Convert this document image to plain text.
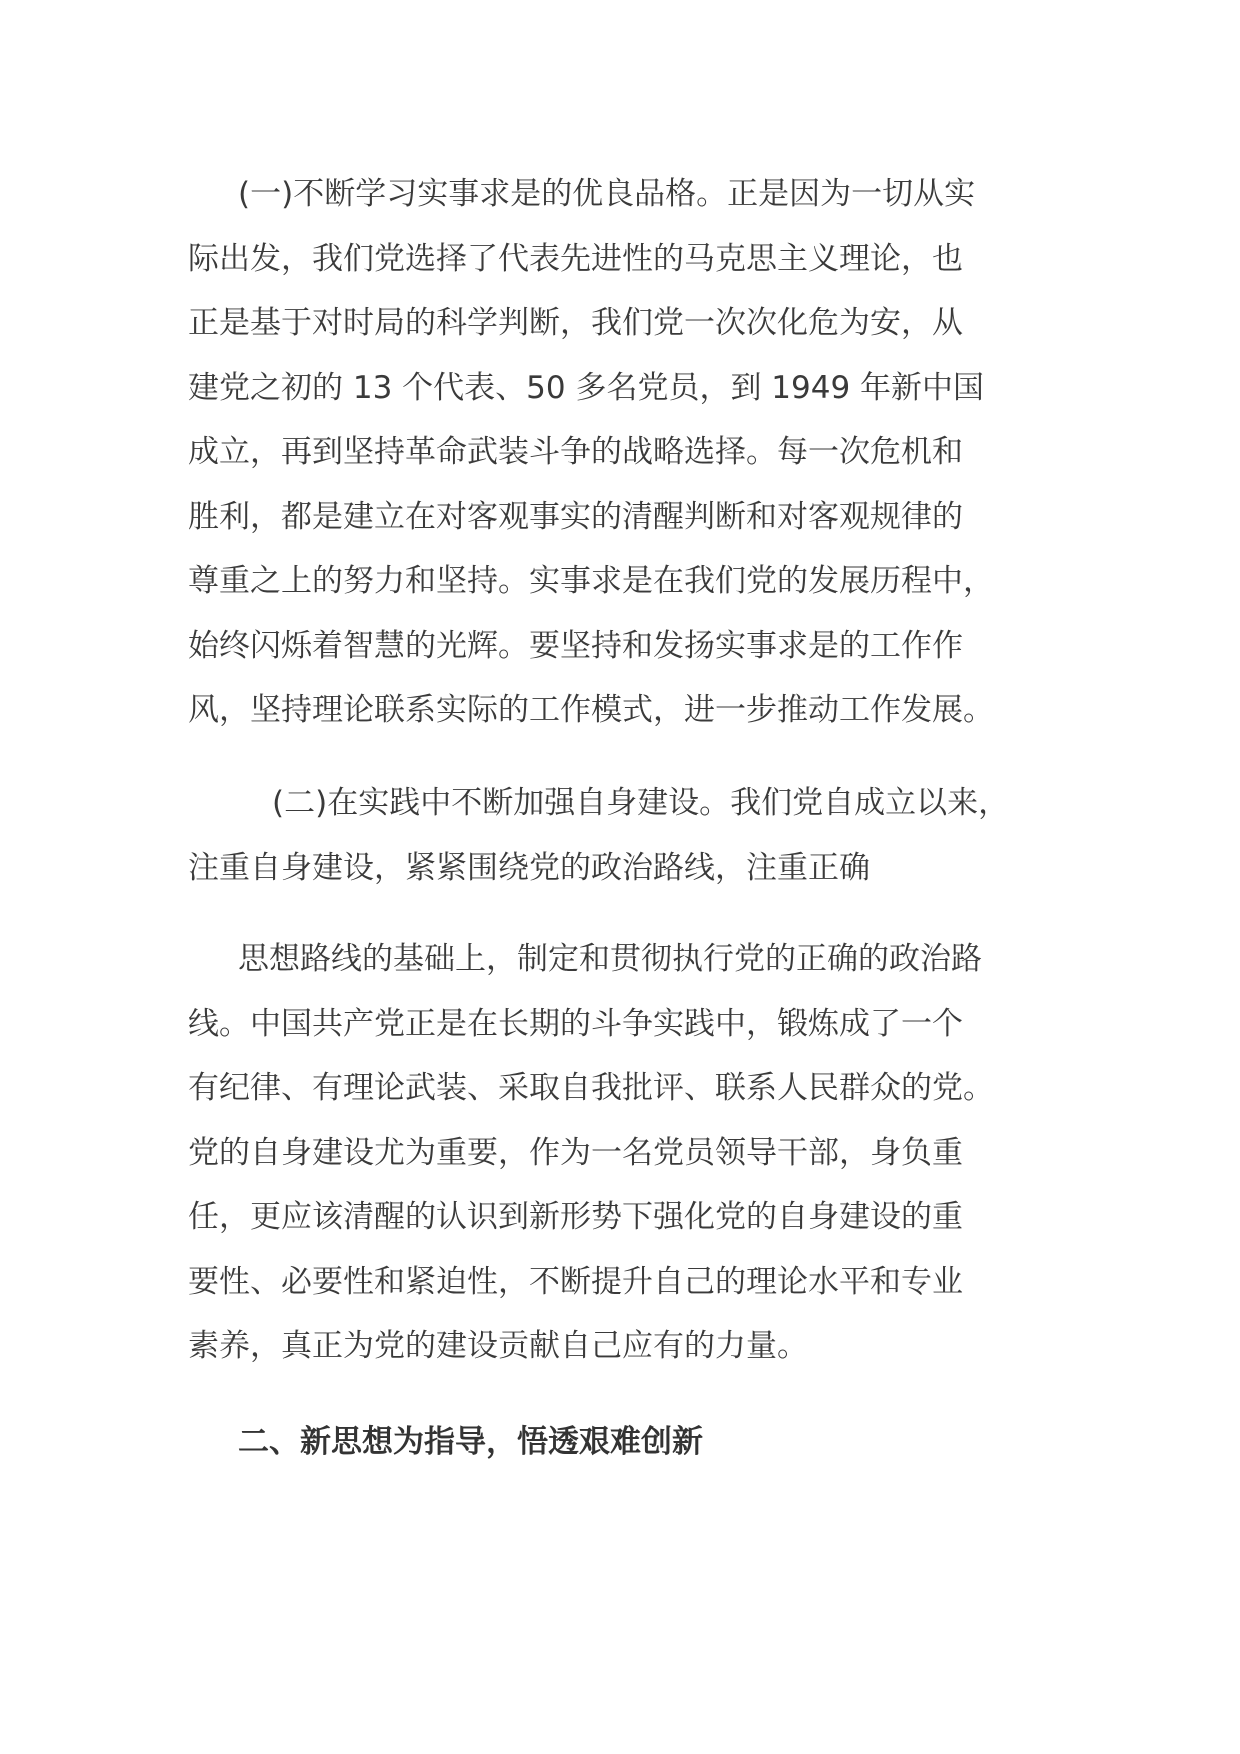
(一)不断学习实事求是的优良品格。正是因为一切从实
际出发，我们党选择了代表先进性的马克思主义理论，也
正是基于对时局的科学判断，我们党一次次化危为安，从
建党之初的 13 个代表、50 多名党员，到 1949 年新中国
成立，再到坚持革命武装斗争的战略选择。每一次危机和
胜利，都是建立在对客观事实的清醒判断和对客观规律的
尊重之上的努力和坚持。实事求是在我们党的发展历程中，
始终闪烁着智慧的光辉。要坚持和发扬实事求是的工作作
风，坚持理论联系实际的工作模式，进一步推动工作发展。
(二)在实践中不断加强自身建设。我们党自成立以来，
注重自身建设，紧紧围绕党的政治路线，注重正确
思想路线的基础上，制定和贯彻执行党的正确的政治路
线。中国共产党正是在长期的斗争实践中，锻炼成了一个
有纪律、有理论武装、采取自我批评、联系人民群众的党。
党的自身建设尤为重要，作为一名党员领导干部，身负重
任，更应该清醒的认识到新形势下强化党的自身建设的重
要性、必要性和紧迫性，不断提升自己的理论水平和专业
素养，真正为党的建设贡献自己应有的力量。
二、新思想为指导，悟透艰难创新
